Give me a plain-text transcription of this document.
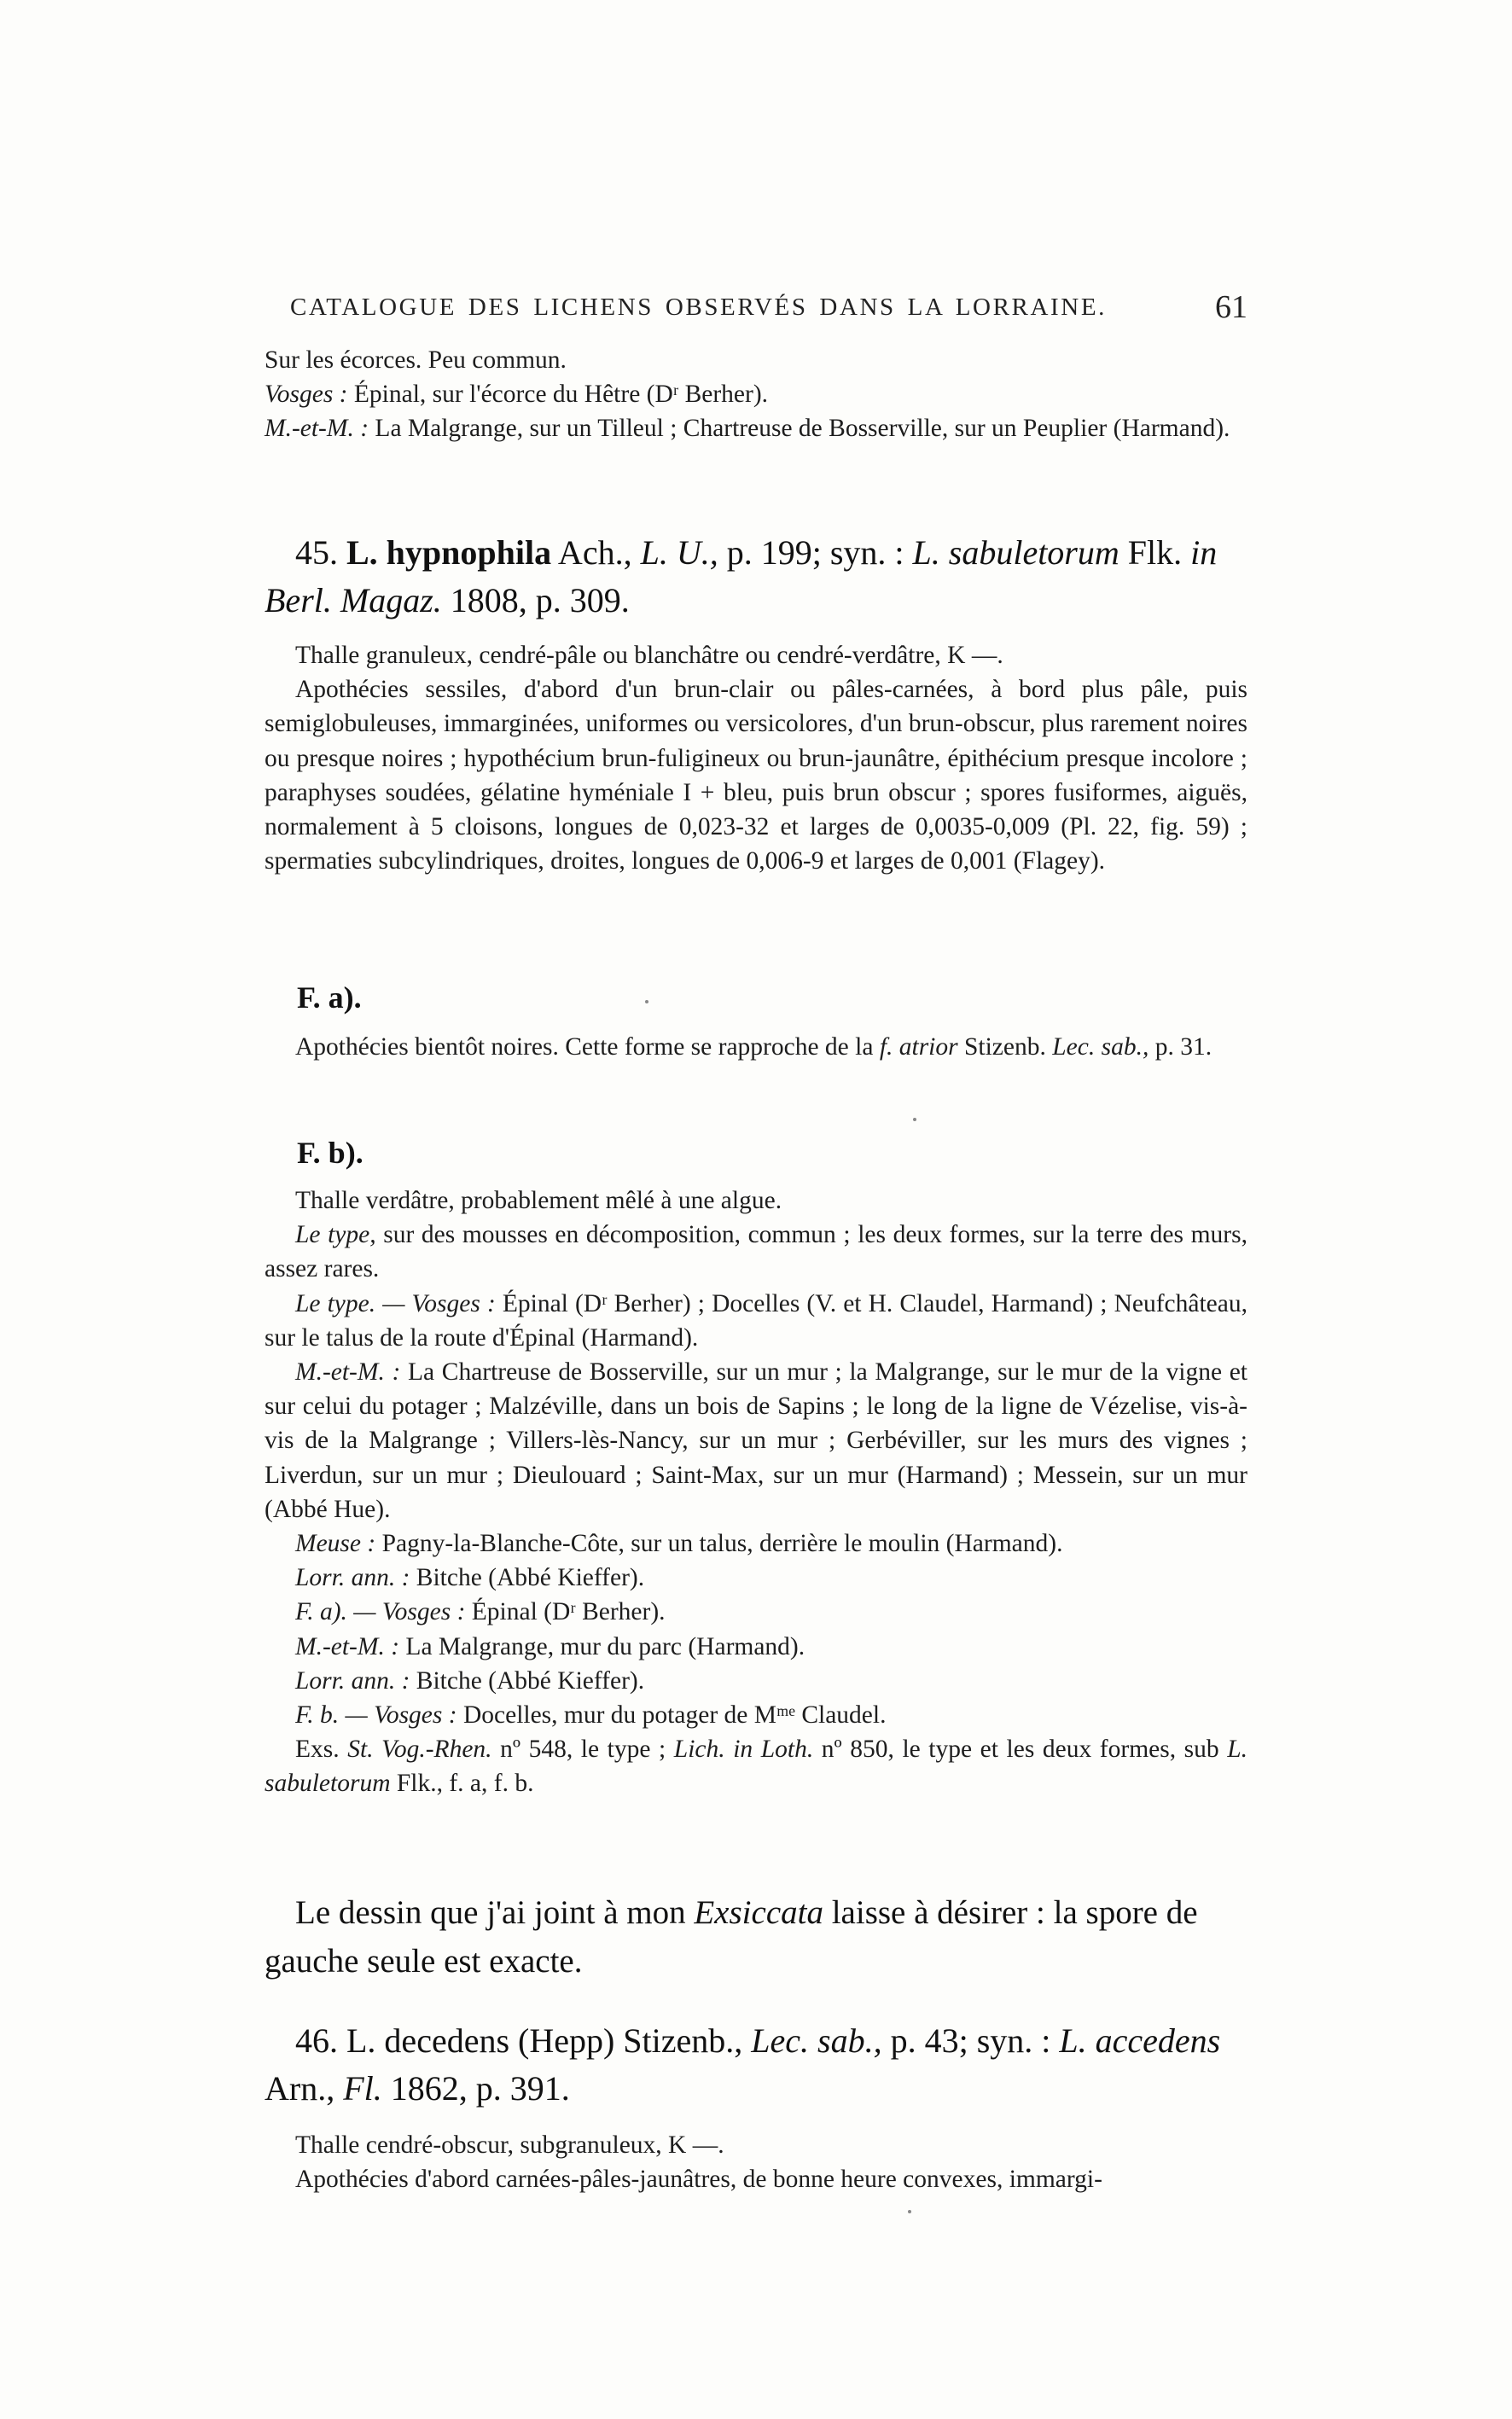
CATALOGUE DES LICHENS OBSERVÉS DANS LA LORRAINE.	61

Sur les écorces. Peu commun.

Vosges : Épinal, sur l'écorce du Hêtre (Dʳ Berher).

M.-et-M. : La Malgrange, sur un Tilleul ; Chartreuse de Bosserville, sur un Peuplier (Harmand).

45. L. hypnophila Ach., L. U., p. 199; syn. : L. sabuletorum Flk. in Berl. Magaz. 1808, p. 309.

Thalle granuleux, cendré-pâle ou blanchâtre ou cendré-verdâtre, K —.

Apothécies sessiles, d'abord d'un brun-clair ou pâles-carnées, à bord plus pâle, puis semiglobuleuses, immarginées, uniformes ou versicolores, d'un brun-obscur, plus rarement noires ou presque noires ; hypothécium brun-fuligineux ou brun-jaunâtre, épithécium presque incolore ; paraphyses soudées, gélatine hyméniale I + bleu, puis brun obscur ; spores fusiformes, aiguës, normalement à 5 cloisons, longues de 0,023-32 et larges de 0,0035-0,009 (Pl. 22, fig. 59) ; spermaties subcylindriques, droites, longues de 0,006-9 et larges de 0,001 (Flagey).

F. a).

Apothécies bientôt noires. Cette forme se rapproche de la f. atrior Stizenb. Lec. sab., p. 31.

F. b).

Thalle verdâtre, probablement mêlé à une algue.

Le type, sur des mousses en décomposition, commun ; les deux formes, sur la terre des murs, assez rares.

Le type. — Vosges : Épinal (Dʳ Berher) ; Docelles (V. et H. Claudel, Harmand) ; Neufchâteau, sur le talus de la route d'Épinal (Harmand).

M.-et-M. : La Chartreuse de Bosserville, sur un mur ; la Malgrange, sur le mur de la vigne et sur celui du potager ; Malzéville, dans un bois de Sapins ; le long de la ligne de Vézelise, vis-à-vis de la Malgrange ; Villers-lès-Nancy, sur un mur ; Gerbéviller, sur les murs des vignes ; Liverdun, sur un mur ; Dieulouard ; Saint-Max, sur un mur (Harmand) ; Messein, sur un mur (Abbé Hue).

Meuse : Pagny-la-Blanche-Côte, sur un talus, derrière le moulin (Harmand).

Lorr. ann. : Bitche (Abbé Kieffer).

F. a). — Vosges : Épinal (Dʳ Berher).

M.-et-M. : La Malgrange, mur du parc (Harmand).

Lorr. ann. : Bitche (Abbé Kieffer).

F. b. — Vosges : Docelles, mur du potager de Mᵐᵉ Claudel.

Exs. St. Vog.-Rhen. nº 548, le type ; Lich. in Loth. nº 850, le type et les deux formes, sub L. sabuletorum Flk., f. a, f. b.

Le dessin que j'ai joint à mon Exsiccata laisse à désirer : la spore de gauche seule est exacte.

46. L. decedens (Hepp) Stizenb., Lec. sab., p. 43; syn. : L. accedens Arn., Fl. 1862, p. 391.

Thalle cendré-obscur, subgranuleux, K —.

Apothécies d'abord carnées-pâles-jaunâtres, de bonne heure convexes, immargi-
